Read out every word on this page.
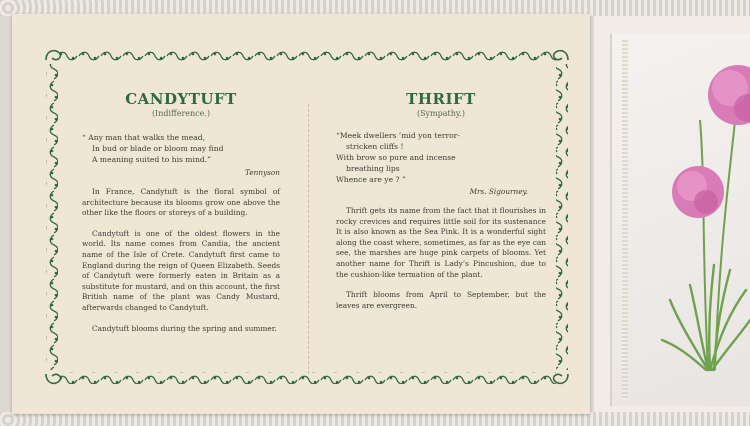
CANDYTUFT
(Indifference.)
“ Any man that walks the mead,
In bud or blade or bloom may find
A meaning suited to his mind.”
Tennyson

In France, Candytuft is the floral symbol of architecture because its blooms grow one above the other like the floors or storeys of a building.

Candytuft is one of the oldest flowers in the world. Its name comes from Candia, the ancient name of the Isle of Crete. Candytuft first came to England during the reign of Queen Elizabeth. Seeds of Candytuft were formerly eaten in Britain as a substitute for mustard, and on this account, the first British name of the plant was Candy Mustard, afterwards changed to Candytuft.

Candytuft blooms during the spring and summer.

THRIFT
(Sympathy.)
“Meek dwellers ’mid yon terror-
stricken cliffs !
With brow so pure and incense
breathing lips
Whence are ye ? ”
Mrs. Sigourney.

Thrift gets its name from the fact that it flourishes in rocky crevices and requires little soil for its sustenance It is also known as the Sea Pink. It is a wonderful sight along the coast where, sometimes, as far as the eye can see, the marshes are huge pink carpets of blooms. Yet another name for Thrift is Lady’s Pincushion, due to the cushion-like termation of the plant.

Thrift blooms from April to September, but the leaves are evergreen.
